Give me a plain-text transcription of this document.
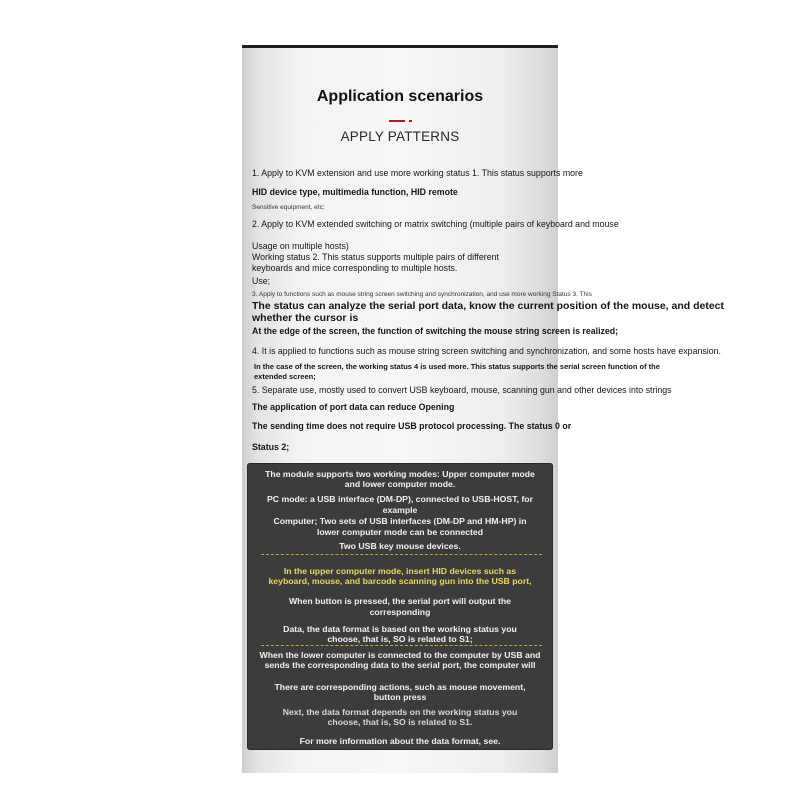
Application scenarios
APPLY PATTERNS
1. Apply to KVM extension and use more working status 1. This status supports more
HID device type, multimedia function, HID remote
Sensitive equipment, etc;
2. Apply to KVM extended switching or matrix switching (multiple pairs of keyboard and mouse
Usage on multiple hosts)
Working status 2. This status supports multiple pairs of different
keyboards and mice corresponding to multiple hosts.
Use;
3. Apply to functions such as mouse string screen switching and synchronization, and use more working Status 3. This
The status can analyze the serial port data, know the current position of the mouse, and detect
whether the cursor is
At the edge of the screen, the function of switching the mouse string screen is realized;
4. It is applied to functions such as mouse string screen switching and synchronization, and some hosts have expansion.
In the case of the screen, the working status 4 is used more. This status supports the serial screen function of the
extended screen;
5. Separate use, mostly used to convert USB keyboard, mouse, scanning gun and other devices into strings
The application of port data can reduce Opening
The sending time does not require USB protocol processing. The status 0 or
Status 2;
The module supports two working modes: Upper computer mode
and lower computer mode.
PC mode: a USB interface (DM-DP), connected to USB-HOST, for
example
Computer; Two sets of USB interfaces (DM-DP and HM-HP) in
lower computer mode can be connected
Two USB key mouse devices.
In the upper computer mode, insert HID devices such as
keyboard, mouse, and barcode scanning gun into the USB port,
When button is pressed, the serial port will output the
corresponding
Data, the data format is based on the working status you
choose, that is, SO is related to S1;
When the lower computer is connected to the computer by USB and
sends the corresponding data to the serial port, the computer will
There are corresponding actions, such as mouse movement,
button press
Next, the data format depends on the working status you
choose, that is, SO is related to S1.
For more information about the data format, see.
